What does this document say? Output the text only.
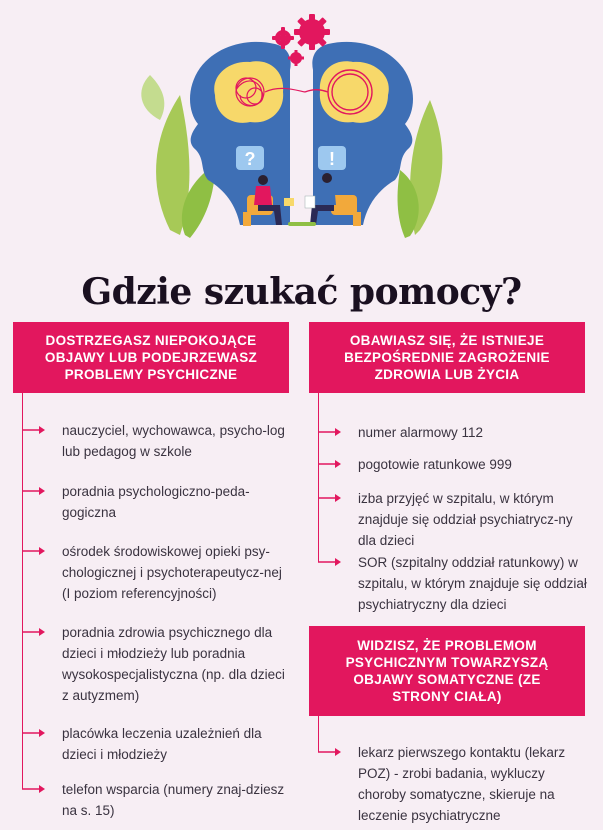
?	!
Gdzie szukać pomocy?
DOSTRZEGASZ NIEPOKOJĄCE OBJAWY LUB PODEJRZEWASZ PROBLEMY PSYCHICZNE
nauczyciel, wychowawca, psycho-log lub pedagog w szkole
poradnia psychologiczno-peda-gogiczna
ośrodek środowiskowej opieki psy-chologicznej i psychoterapeutycz-nej (I poziom referencyjności)
poradnia zdrowia psychicznego dla dzieci i młodzieży lub poradnia wysokospecjalistyczna (np. dla dzieci z autyzmem)
placówka leczenia uzależnień dla dzieci i młodzieży
telefon wsparcia (numery znaj-dziesz na s. 15)
OBAWIASZ SIĘ, ŻE ISTNIEJE BEZPOŚREDNIE ZAGROŻENIE ZDROWIA LUB ŻYCIA
numer alarmowy 112
pogotowie ratunkowe 999
izba przyjęć w szpitalu, w którym znajduje się oddział psychiatrycz-ny dla dzieci
SOR (szpitalny oddział ratunkowy) w szpitalu, w którym znajduje się oddział psychiatryczny dla dzieci
WIDZISZ, ŻE PROBLEMOM PSYCHICZNYM TOWARZYSZĄ OBJAWY SOMATYCZNE (ZE STRONY CIAŁA)
lekarz pierwszego kontaktu (lekarz POZ) - zrobi badania, wykluczy choroby somatyczne, skieruje na leczenie psychiatryczne
